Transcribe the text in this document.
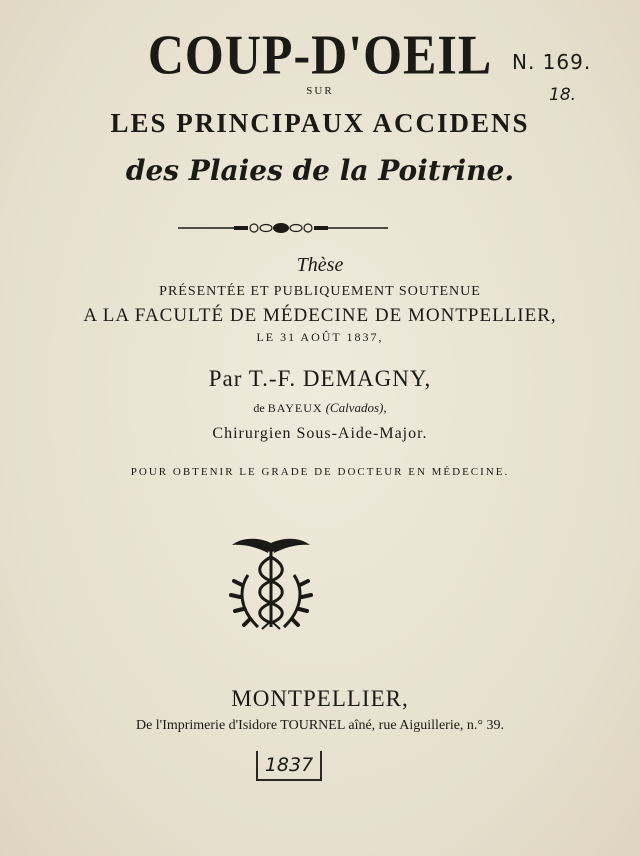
COUP-D'OEIL
SUR
LES PRINCIPAUX ACCIDENS
des Plaies de la Poitrine.
Thèse
PRÉSENTÉE ET PUBLIQUEMENT SOUTENUE
A LA FACULTÉ DE MÉDECINE DE MONTPELLIER,
LE 31 AOÛT 1837,
Par T.-F. DEMAGNY,
de BAYEUX (Calvados),
Chirurgien Sous-Aide-Major.
POUR OBTENIR LE GRADE DE DOCTEUR EN MÉDECINE.
MONTPELLIER,
De l'Imprimerie d'Isidore TOURNEL aîné, rue Aiguillerie, n.° 39.
1837
N. 169.
18.
